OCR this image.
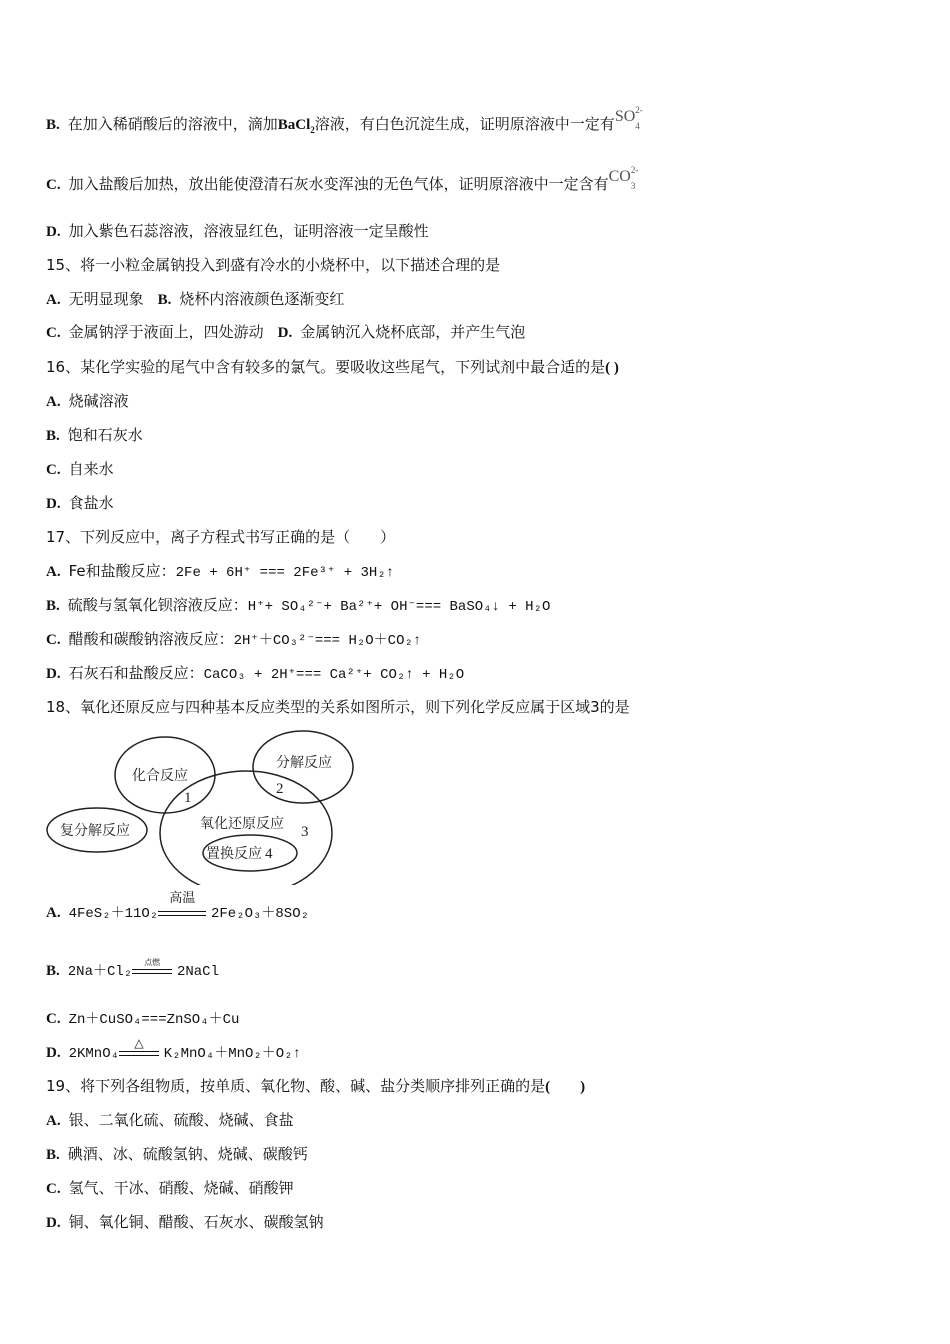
B. 在加入稀硝酸后的溶液中，滴加BaCl$_2$溶液，有白色沉淀生成，证明原溶液中一定有SO 2-
4
C. 加入盐酸后加热，放出能使澄清石灰水变浑浊的无色气体，证明原溶液中一定含有CO 2-
3
D. 加入紫色石蕊溶液，溶液显红色，证明溶液一定呈酸性
15、将一小粒金属钠投入到盛有冷水的小烧杯中，以下描述合理的是
A. 无明显现象 B. 烧杯内溶液颜色逐渐变红
C. 金属钠浮于液面上，四处游动 D. 金属钠沉入烧杯底部，并产生气泡
16、某化学实验的尾气中含有较多的氯气。要吸收这些尾气，下列试剂中最合适的是( )
A. 烧碱溶液
B. 饱和石灰水
C. 自来水
D. 食盐水
17、下列反应中，离子方程式书写正确的是（　　）
A. Fe和盐酸反应：2Fe + 6H⁺ === 2Fe³⁺ + 3H₂↑
B. 硫酸与氢氧化钡溶液反应：H⁺+ SO₄²⁻+ Ba²⁺+ OH⁻=== BaSO₄↓ + H₂O
C. 醋酸和碳酸钠溶液反应：2H⁺＋CO₃²⁻=== H₂O＋CO₂↑
D. 石灰石和盐酸反应：CaCO₃ + 2H⁺=== Ca²⁺+ CO₂↑ + H₂O
18、氧化还原反应与四种基本反应类型的关系如图所示，则下列化学反应属于区域3的是
化合反应
分解反应
复分解反应	氧化还原反应
置换反应
1
2
3
4
A. 4FeS₂＋11O₂
高温
2Fe₂O₃＋8SO₂
B. 2Na＋Cl₂
点燃
2NaCl
C. Zn＋CuSO₄===ZnSO₄＋Cu
D. 2KMnO₄
△
K₂MnO₄＋MnO₂＋O₂↑
19、将下列各组物质，按单质、氧化物、酸、碱、盐分类顺序排列正确的是(　　)
A. 银、二氧化硫、硫酸、烧碱、食盐
B. 碘酒、冰、硫酸氢钠、烧碱、碳酸钙
C. 氢气、干冰、硝酸、烧碱、硝酸钾
D. 铜、氧化铜、醋酸、石灰水、碳酸氢钠
